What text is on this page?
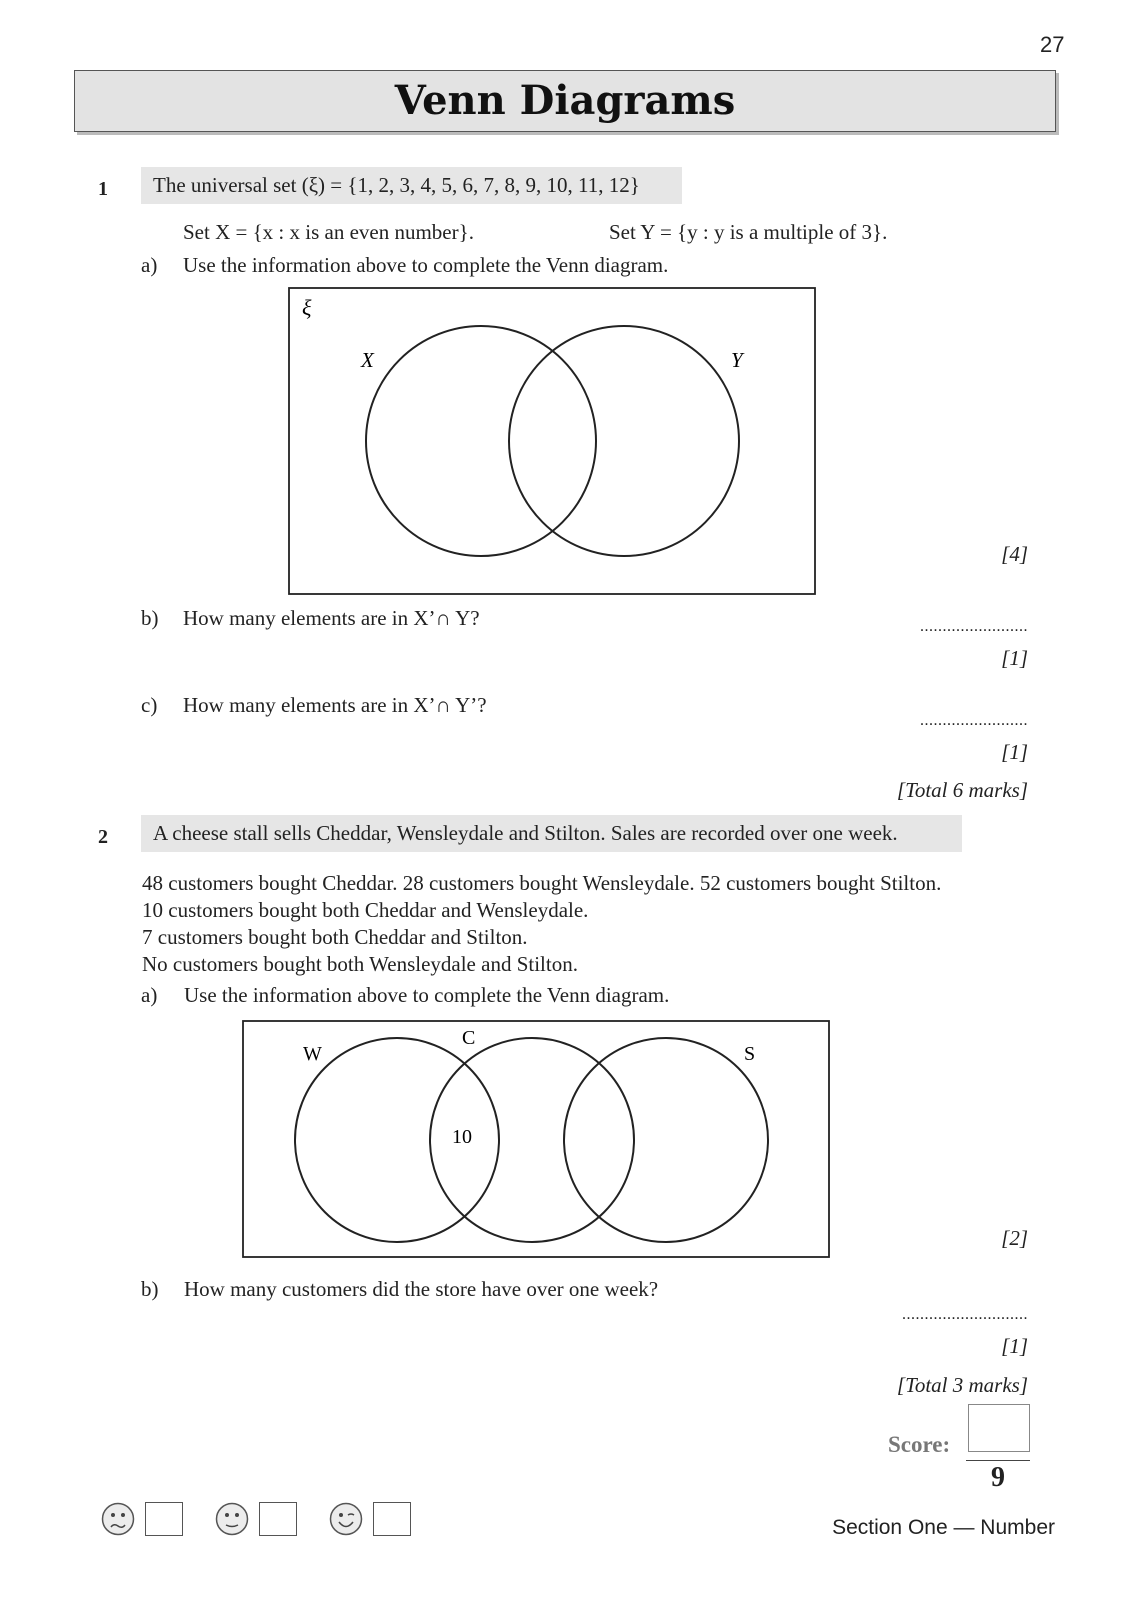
27
Venn Diagrams
1	The universal set (ξ) = {1, 2, 3, 4, 5, 6, 7, 8, 9, 10, 11, 12}
Set X = {x : x is an even number}.	Set Y = {y : y is a multiple of 3}.
a) Use the information above to complete the Venn diagram.
ξ
X	Y
[4]
b) How many elements are in X’∩ Y?	........................
[1]
c) How many elements are in X’∩ Y’?
........................
[1]
[Total 6 marks]
2	A cheese stall sells Cheddar, Wensleydale and Stilton. Sales are recorded over one week.
48 customers bought Cheddar. 28 customers bought Wensleydale. 52 customers bought Stilton.
10 customers bought both Cheddar and Wensleydale.
7 customers bought both Cheddar and Stilton.
No customers bought both Wensleydale and Stilton.
a) Use the information above to complete the Venn diagram.
W
C
S
10
[2]
b) How many customers did the store have over one week?
............................
[1]
[Total 3 marks]
Score:
9
Section One — Number
